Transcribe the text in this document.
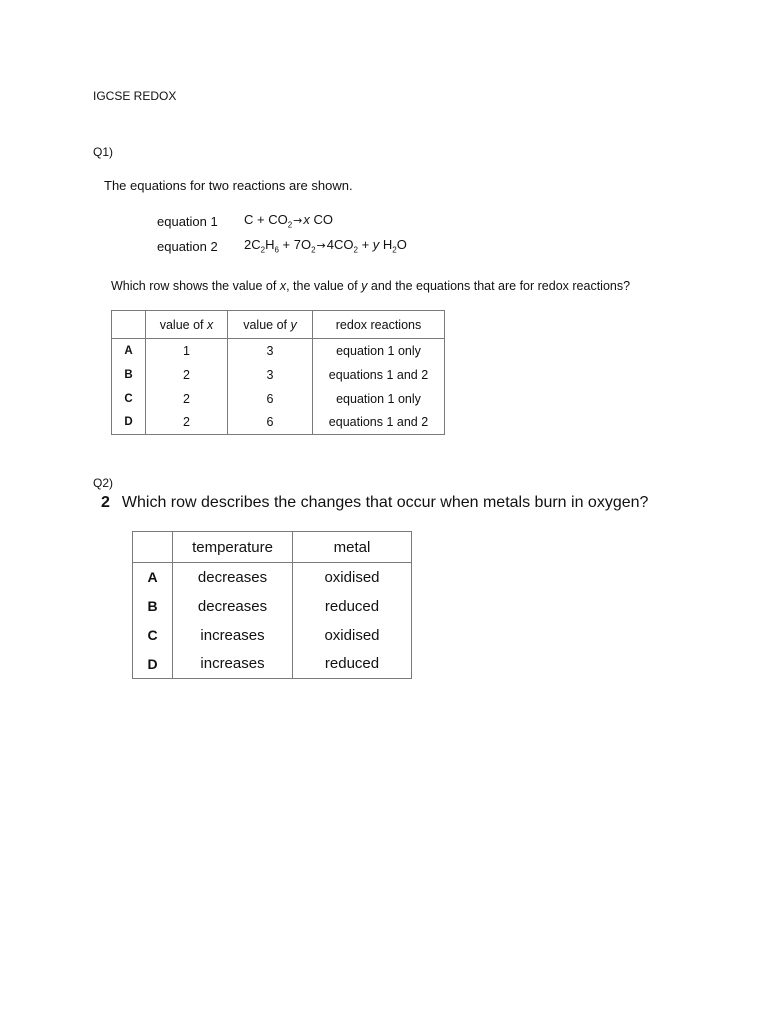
IGCSE REDOX
Q1)
The equations for two reactions are shown.
equation 1 $C + CO_2\to x$ CO
equation 2 $2C_2H_6 + 7O_2\to 4CO_2 + y$ $H_2O$
Which row shows the value of x, the value of y and the equations that are for redox reactions?
	value of x	value of y	redox reactions
A	1	3	equation 1 only
B	2	3	equations 1 and 2
C	2	6	equation 1 only
D	2	6	equations 1 and 2
Q2)
2 Which row describes the changes that occur when metals burn in oxygen?
	temperature	metal
A	decreases	oxidised
B	decreases	reduced
C	increases	oxidised
D	increases	reduced
